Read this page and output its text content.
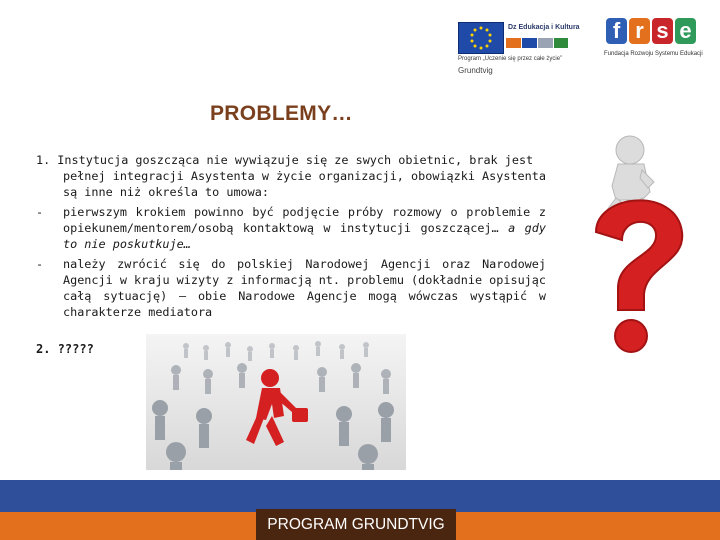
Dz Edukacja i Kultura
Program „Uczenie się przez całe życie”
Grundtvig
f r s e
Fundacja Rozwoju Systemu Edukacji
PROBLEMY…
1. Instytucja goszcząca nie wywiązuje się ze swych obietnic, brak jest pełnej integracji Asystenta w życie organizacji, obowiązki Asystenta są inne niż określa to umowa:
- pierwszym krokiem powinno być podjęcie próby rozmowy o problemie z opiekunem/mentorem/osobą kontaktową w instytucji goszczącej… a gdy to nie poskutkuje…
- należy zwrócić się do polskiej Narodowej Agencji oraz Narodowej Agencji w kraju wizyty z informacją nt. problemu (dokładnie opisując całą sytuację) – obie Narodowe Agencje mogą wówczas wystąpić w charakterze mediatora
2. ?????
PROGRAM GRUNDTVIG
